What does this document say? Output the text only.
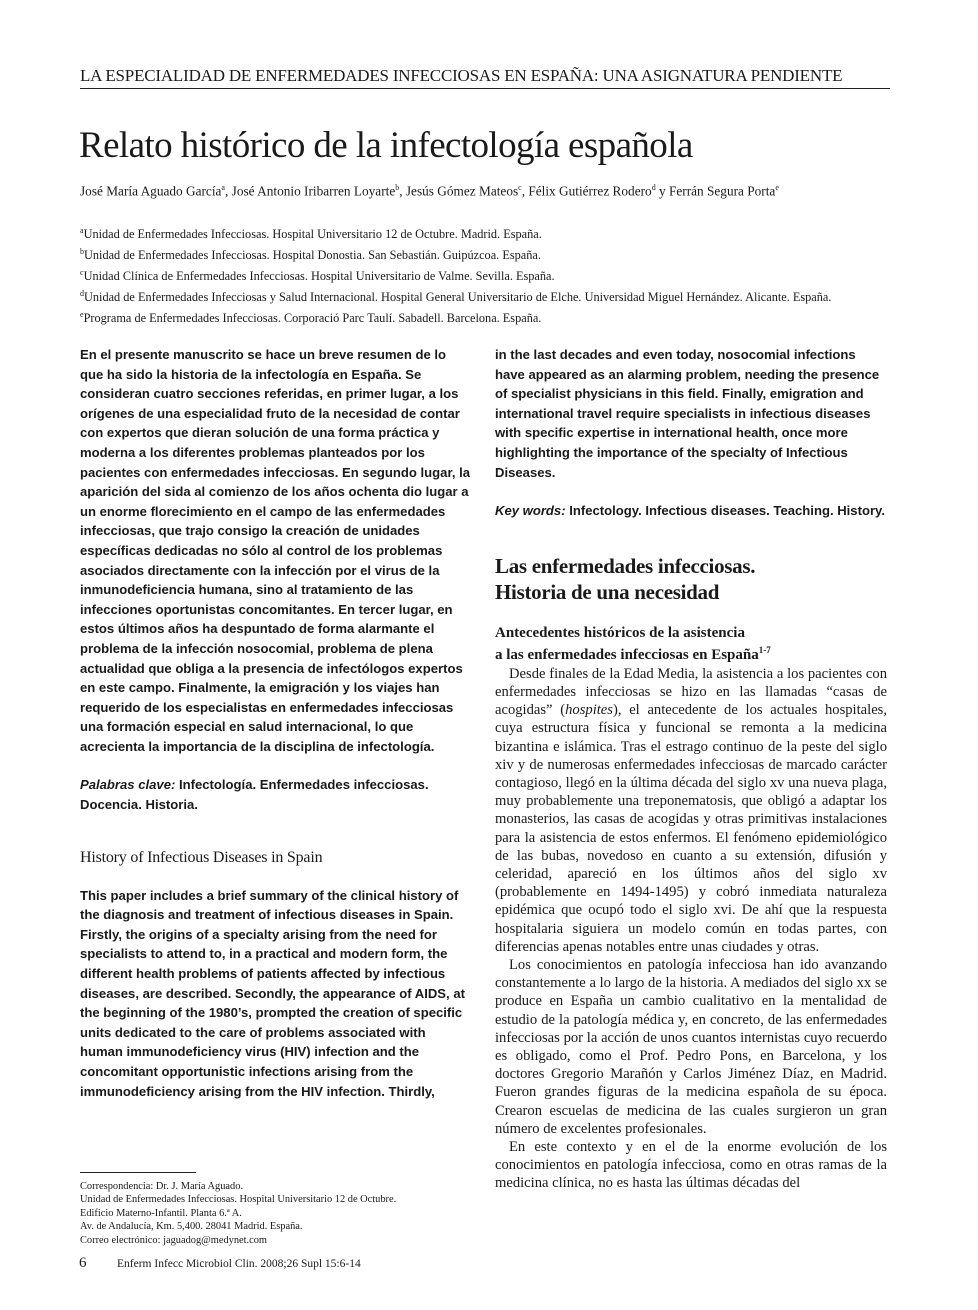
LA ESPECIALIDAD DE ENFERMEDADES INFECCIOSAS EN ESPAÑA: UNA ASIGNATURA PENDIENTE
Relato histórico de la infectología española
José María Aguado García$^a$, José Antonio Iribarren Loyarte$^b$, Jesús Gómez Mateos$^c$, Félix Gutiérrez Rodero$^d$ y Ferrán Segura Porta$^e$
$^a$Unidad de Enfermedades Infecciosas. Hospital Universitario 12 de Octubre. Madrid. España.
$^b$Unidad de Enfermedades Infecciosas. Hospital Donostia. San Sebastián. Guipúzcoa. España.
$^c$Unidad Clínica de Enfermedades Infecciosas. Hospital Universitario de Valme. Sevilla. España.
$^d$Unidad de Enfermedades Infecciosas y Salud Internacional. Hospital General Universitario de Elche. Universidad Miguel Hernández. Alicante. España.
$^e$Programa de Enfermedades Infecciosas. Corporació Parc Taulí. Sabadell. Barcelona. España.

En el presente manuscrito se hace un breve resumen de lo que ha sido la historia de la infectología en España. Se consideran cuatro secciones referidas, en primer lugar, a los orígenes de una especialidad fruto de la necesidad de contar con expertos que dieran solución de una forma práctica y moderna a los diferentes problemas planteados por los pacientes con enfermedades infecciosas. En segundo lugar, la aparición del sida al comienzo de los años ochenta dio lugar a un enorme florecimiento en el campo de las enfermedades infecciosas, que trajo consigo la creación de unidades específicas dedicadas no sólo al control de los problemas asociados directamente con la infección por el virus de la inmunodeficiencia humana, sino al tratamiento de las infecciones oportunistas concomitantes. En tercer lugar, en estos últimos años ha despuntado de forma alarmante el problema de la infección nosocomial, problema de plena actualidad que obliga a la presencia de infectólogos expertos en este campo. Finalmente, la emigración y los viajes han requerido de los especialistas en enfermedades infecciosas una formación especial en salud internacional, lo que acrecienta la importancia de la disciplina de infectología.

Palabras clave: Infectología. Enfermedades infecciosas. Docencia. Historia.

History of Infectious Diseases in Spain

This paper includes a brief summary of the clinical history of the diagnosis and treatment of infectious diseases in Spain. Firstly, the origins of a specialty arising from the need for specialists to attend to, in a practical and modern form, the different health problems of patients affected by infectious diseases, are described. Secondly, the appearance of AIDS, at the beginning of the 1980’s, prompted the creation of specific units dedicated to the care of problems associated with human immunodeficiency virus (HIV) infection and the concomitant opportunistic infections arising from the immunodeficiency arising from the HIV infection. Thirdly,

in the last decades and even today, nosocomial infections have appeared as an alarming problem, needing the presence of specialist physicians in this field. Finally, emigration and international travel require specialists in infectious diseases with specific expertise in international health, once more highlighting the importance of the specialty of Infectious Diseases.

Key words: Infectology. Infectious diseases. Teaching. History.

Las enfermedades infecciosas.
Historia de una necesidad
Antecedentes históricos de la asistencia
a las enfermedades infecciosas en España$^{1-7}$

Desde finales de la Edad Media, la asistencia a los pacientes con enfermedades infecciosas se hizo en las llamadas “casas de acogidas” (hospites), el antecedente de los actuales hospitales, cuya estructura física y funcional se remonta a la medicina bizantina e islámica. Tras el estrago continuo de la peste del siglo xiv y de numerosas enfermedades infecciosas de marcado carácter contagioso, llegó en la última década del siglo xv una nueva plaga, muy probablemente una treponematosis, que obligó a adaptar los monasterios, las casas de acogidas y otras primitivas instalaciones para la asistencia de estos enfermos. El fenómeno epidemiológico de las bubas, novedoso en cuanto a su extensión, difusión y celeridad, apareció en los últimos años del siglo xv (probablemente en 1494-1495) y cobró inmediata naturaleza epidémica que ocupó todo el siglo xvi. De ahí que la respuesta hospitalaria siguiera un modelo común en todas partes, con diferencias apenas notables entre unas ciudades y otras.

Los conocimientos en patología infecciosa han ido avanzando constantemente a lo largo de la historia. A mediados del siglo xx se produce en España un cambio cualitativo en la mentalidad de estudio de la patología médica y, en concreto, de las enfermedades infecciosas por la acción de unos cuantos internistas cuyo recuerdo es obligado, como el Prof. Pedro Pons, en Barcelona, y los doctores Gregorio Marañón y Carlos Jiménez Díaz, en Madrid. Fueron grandes figuras de la medicina española de su época. Crearon escuelas de medicina de las cuales surgieron un gran número de excelentes profesionales.

En este contexto y en el de la enorme evolución de los conocimientos en patología infecciosa, como en otras ramas de la medicina clínica, no es hasta las últimas décadas del

Correspondencia: Dr. J. María Aguado.
Unidad de Enfermedades Infecciosas. Hospital Universitario 12 de Octubre.
Edificio Materno-Infantil. Planta 6.ª A.
Av. de Andalucía, Km. 5,400. 28041 Madrid. España.
Correo electrónico: jaguadog@medynet.com
6	Enferm Infecc Microbiol Clin. 2008;26 Supl 15:6-14
